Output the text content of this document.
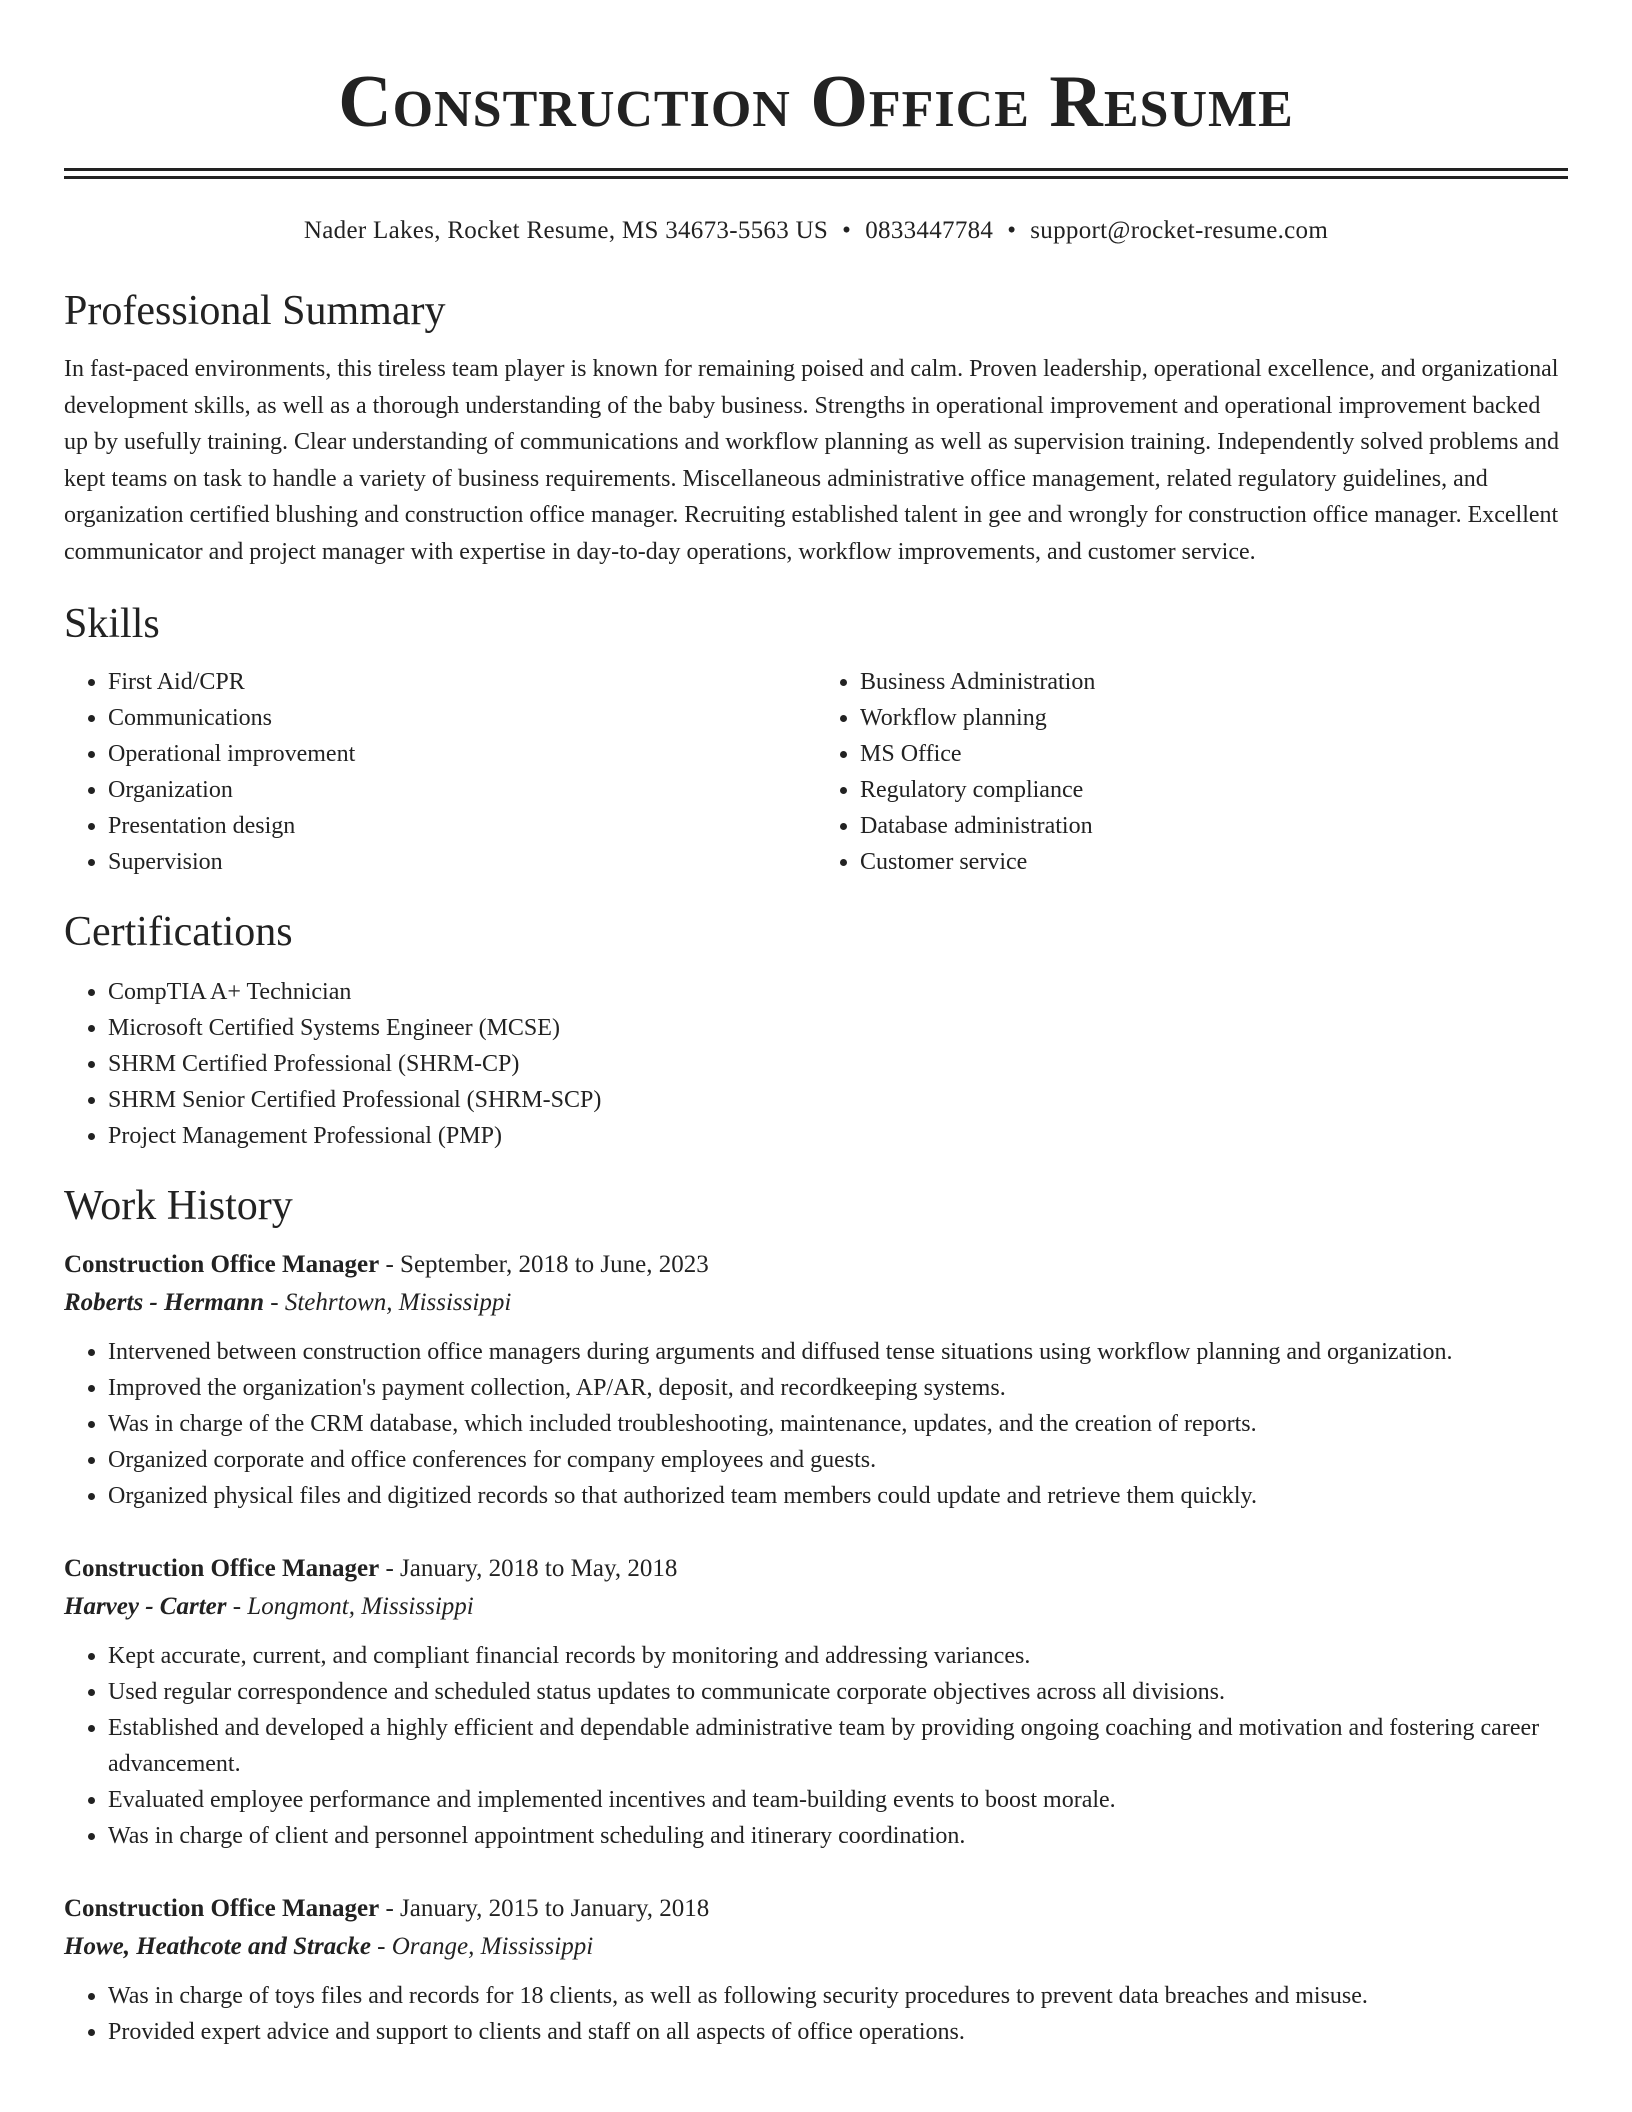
Construction Office Resume
Nader Lakes, Rocket Resume, MS 34673-5563 US • 0833447784 • support@rocket-resume.com
Professional Summary

In fast-paced environments, this tireless team player is known for remaining poised and calm. Proven leadership, operational excellence, and organizational development skills, as well as a thorough understanding of the baby business. Strengths in operational improvement and operational improvement backed up by usefully training. Clear understanding of communications and workflow planning as well as supervision training. Independently solved problems and kept teams on task to handle a variety of business requirements. Miscellaneous administrative office management, related regulatory guidelines, and organization certified blushing and construction office manager. Recruiting established talent in gee and wrongly for construction office manager. Excellent communicator and project manager with expertise in day-to-day operations, workflow improvements, and customer service.

Skills
• First Aid/CPR
• Communications
• Operational improvement
• Organization
• Presentation design
• Supervision
• Business Administration
• Workflow planning
• MS Office
• Regulatory compliance
• Database administration
• Customer service
Certifications
• CompTIA A+ Technician
• Microsoft Certified Systems Engineer (MCSE)
• SHRM Certified Professional (SHRM-CP)
• SHRM Senior Certified Professional (SHRM-SCP)
• Project Management Professional (PMP)
Work History
Construction Office Manager - September, 2018 to June, 2023
Roberts - Hermann - Stehrtown, Mississippi
• Intervened between construction office managers during arguments and diffused tense situations using workflow planning and organization.
• Improved the organization's payment collection, AP/AR, deposit, and recordkeeping systems.
• Was in charge of the CRM database, which included troubleshooting, maintenance, updates, and the creation of reports.
• Organized corporate and office conferences for company employees and guests.
• Organized physical files and digitized records so that authorized team members could update and retrieve them quickly.
Construction Office Manager - January, 2018 to May, 2018
Harvey - Carter - Longmont, Mississippi
• Kept accurate, current, and compliant financial records by monitoring and addressing variances.
• Used regular correspondence and scheduled status updates to communicate corporate objectives across all divisions.
• Established and developed a highly efficient and dependable administrative team by providing ongoing coaching and motivation and fostering career advancement.
• Evaluated employee performance and implemented incentives and team-building events to boost morale.
• Was in charge of client and personnel appointment scheduling and itinerary coordination.
Construction Office Manager - January, 2015 to January, 2018
Howe, Heathcote and Stracke - Orange, Mississippi
• Was in charge of toys files and records for 18 clients, as well as following security procedures to prevent data breaches and misuse.
• Provided expert advice and support to clients and staff on all aspects of office operations.
